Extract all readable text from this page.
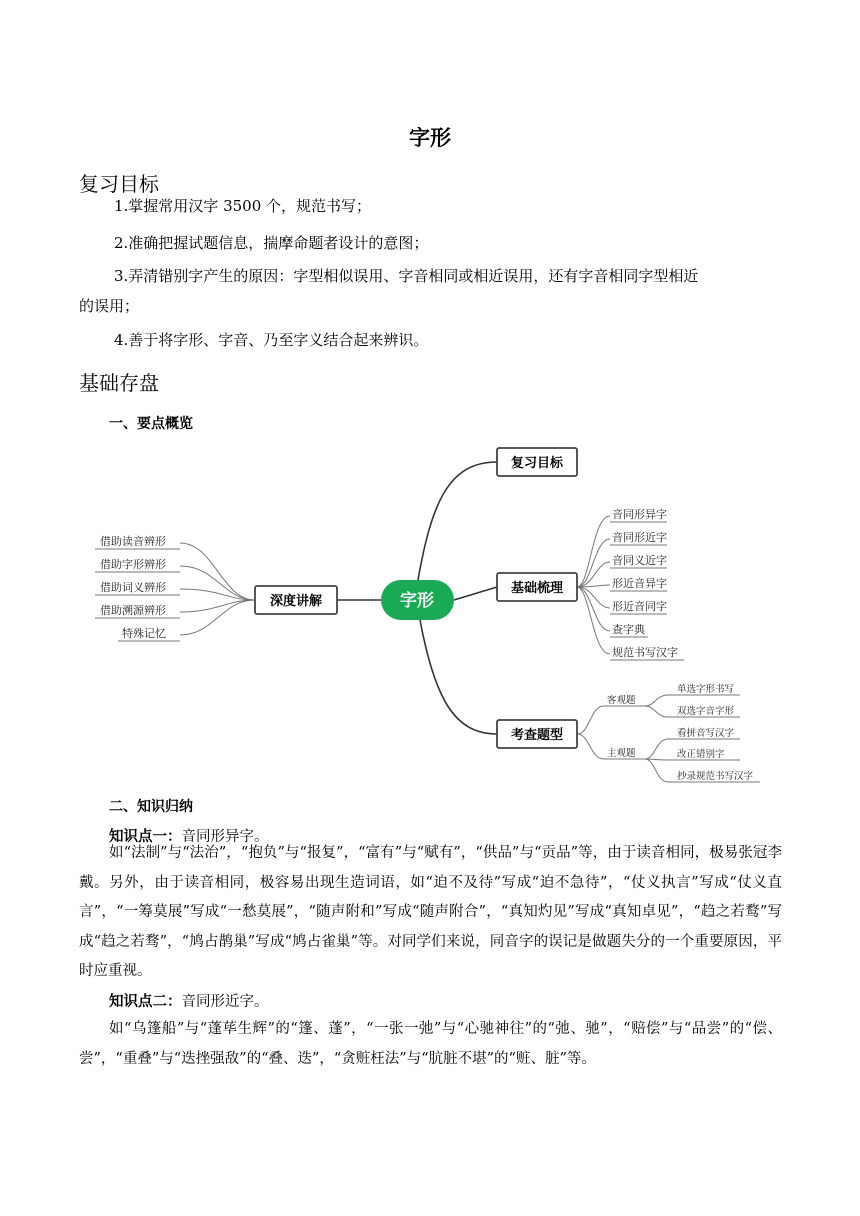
字形
复习目标
1.掌握常用汉字 3500 个，规范书写；
2.准确把握试题信息，揣摩命题者设计的意图；
3.弄清错别字产生的原因：字型相似误用、字音相同或相近误用，还有字音相同字型相近
的误用；
4.善于将字形、字音、乃至字义结合起来辨识。
基础存盘
一、要点概览
字形
复习目标
基础梳理
考查题型
深度讲解
音同形异字
音同形近字
音同义近字
形近音异字
形近音同字
查字典
规范书写汉字
借助读音辨形
借助字形辨形
借助词义辨形
借助溯源辨形
特殊记忆
客观题
主观题
单选字形书写
双选字音字形
看拼音写汉字
改正错别字
抄录规范书写汉字
二、知识归纳
知识点一：音同形异字。
如“法制”与“法治”，“抱负”与“报复”，“富有”与“赋有”，“供品”与“贡品”等，由于读音相同，极易张冠李戴。另外，由于读音相同，极容易出现生造词语，如“迫不及待”写成“迫不急待”，“仗义执言”写成“仗义直言”，“一筹莫展”写成“一愁莫展”，“随声附和”写成“随声附合”，“真知灼见”写成“真知卓见”，“趋之若鹜”写成“趋之若骛”，“鸠占鹊巢”写成“鸠占雀巢”等。对同学们来说，同音字的误记是做题失分的一个重要原因，平时应重视。
知识点二：音同形近字。
如“乌篷船”与“蓬荜生辉”的“篷、蓬”，“一张一弛”与“心驰神往”的“弛、驰”，“赔偿”与“品尝”的“偿、尝”，“重叠”与“迭挫强敌”的“叠、迭”，“贪赃枉法”与“肮脏不堪”的“赃、脏”等。
